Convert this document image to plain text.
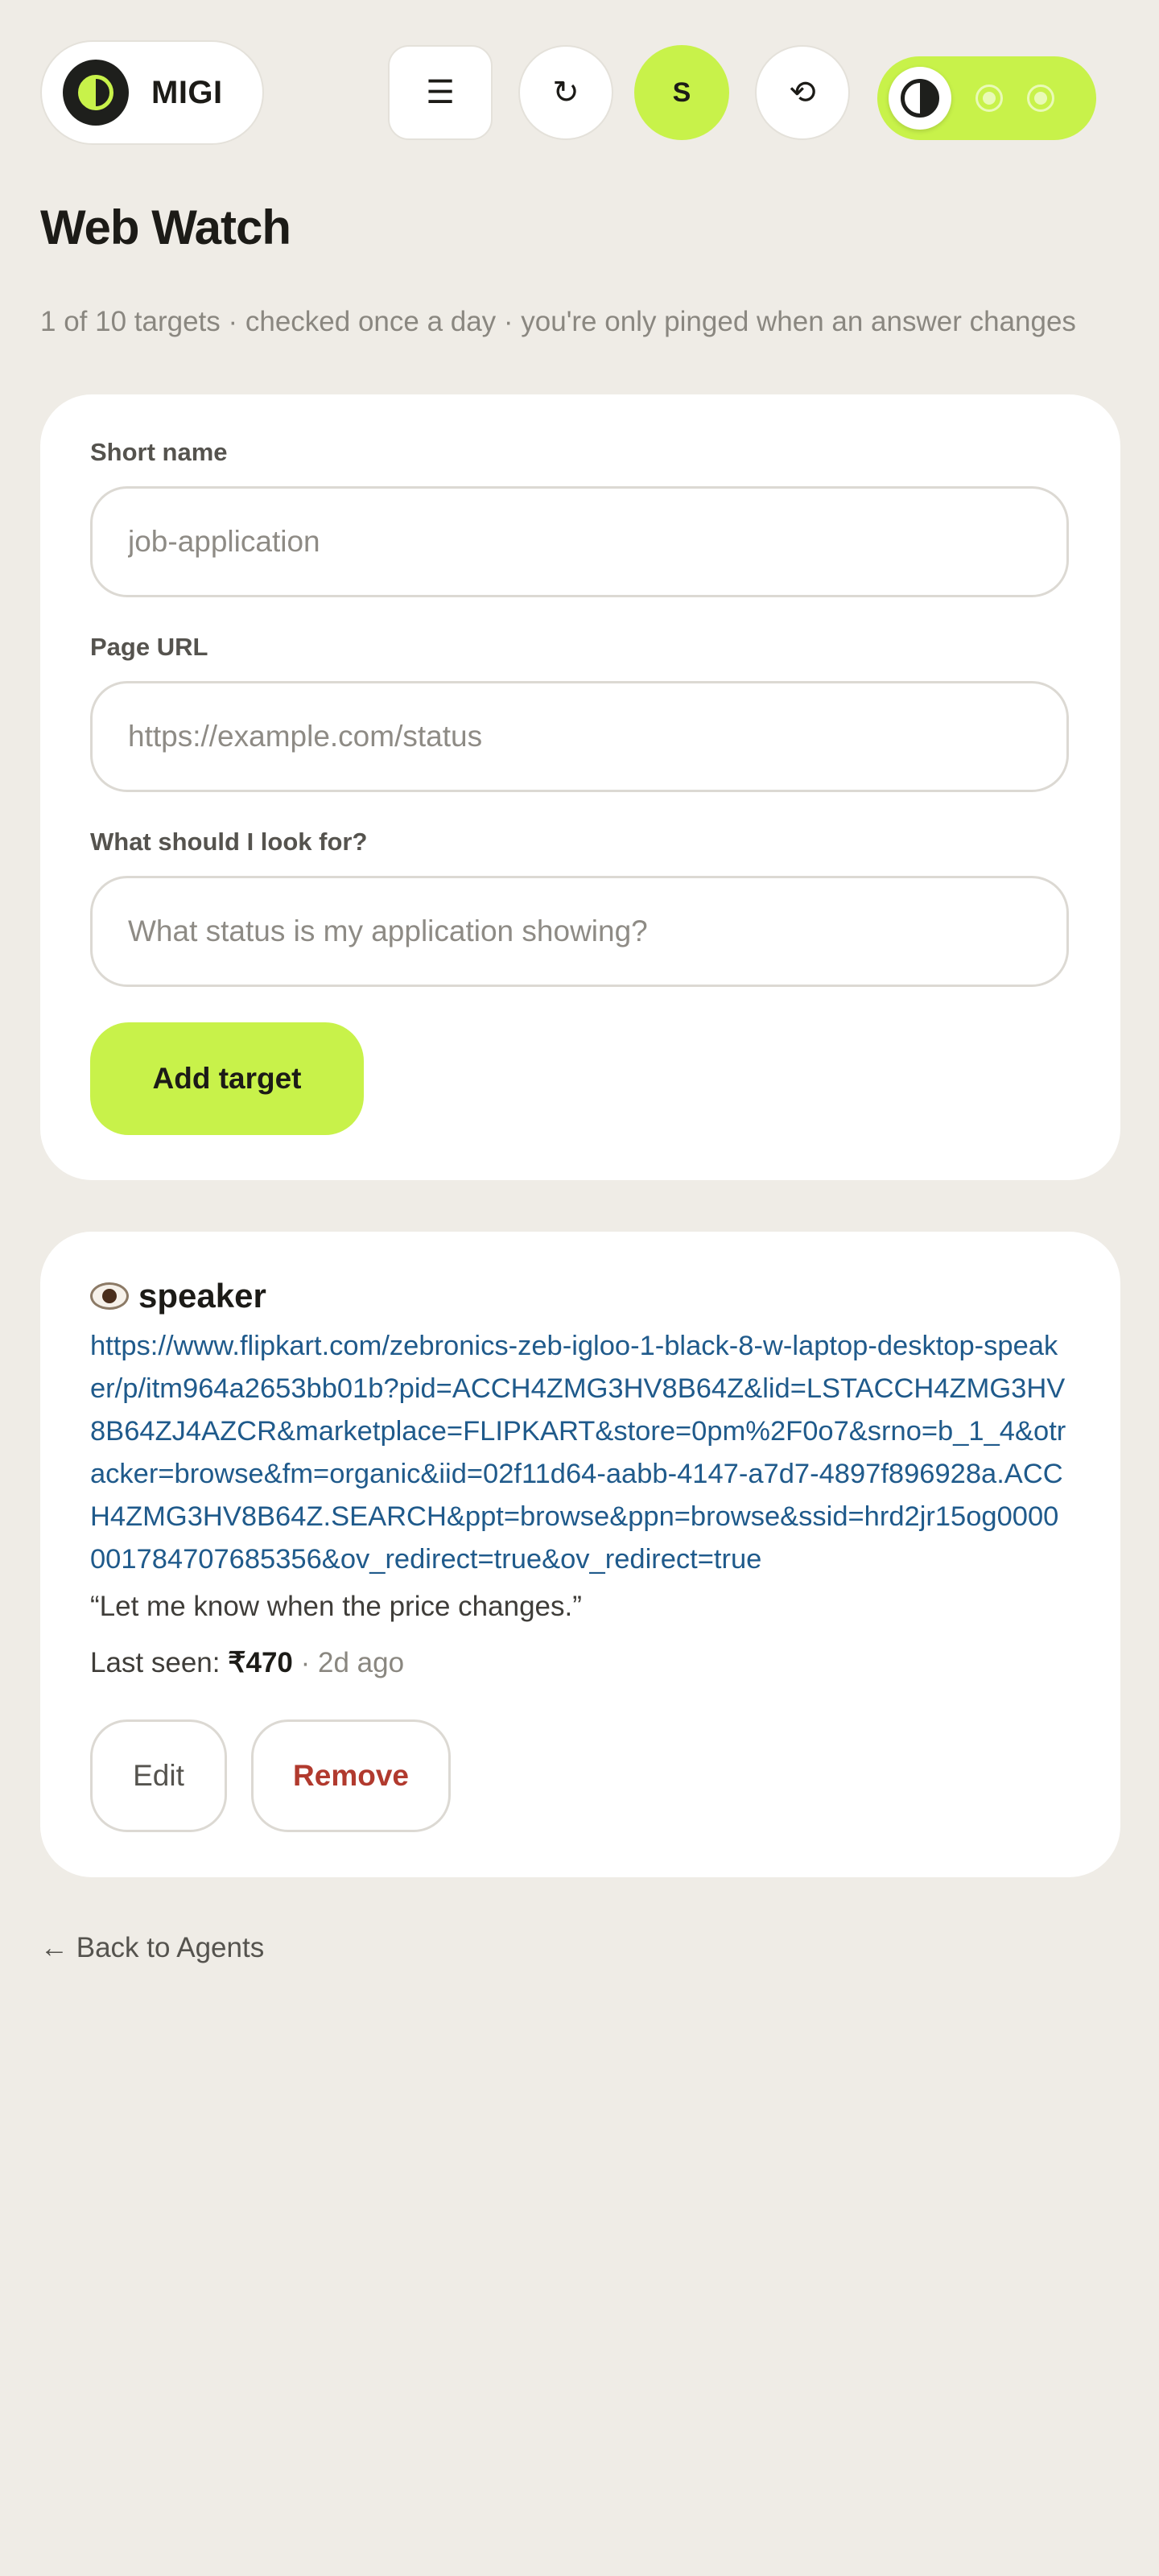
MIGI	☰	↻	S	⟲
Web Watch

1 of 10 targets · checked once a day · you're only pinged when an answer changes

Short name
job-application
Page URL
https://example.com/status
What should I look for?
What status is my application showing?
Add target
speaker
https://www.flipkart.com/zebronics-zeb-igloo-1-black-8-w-laptop-desktop-speaker/p/itm964a2653bb01b?pid=ACCH4ZMG3HV8B64Z&lid=LSTACCH4ZMG3HV8B64ZJ4AZCR&marketplace=FLIPKART&store=0pm%2F0o7&srno=b_1_4&otracker=browse&fm=organic&iid=02f11d64-aabb-4147-a7d7-4897f896928a.ACCH4ZMG3HV8B64Z.SEARCH&ppt=browse&ppn=browse&ssid=hrd2jr15og0000001784707685356&ov_redirect=true&ov_redirect=true

“Let me know when the price changes.”

Last seen: ₹470 · 2d ago

Edit	Remove
← Back to Agents
